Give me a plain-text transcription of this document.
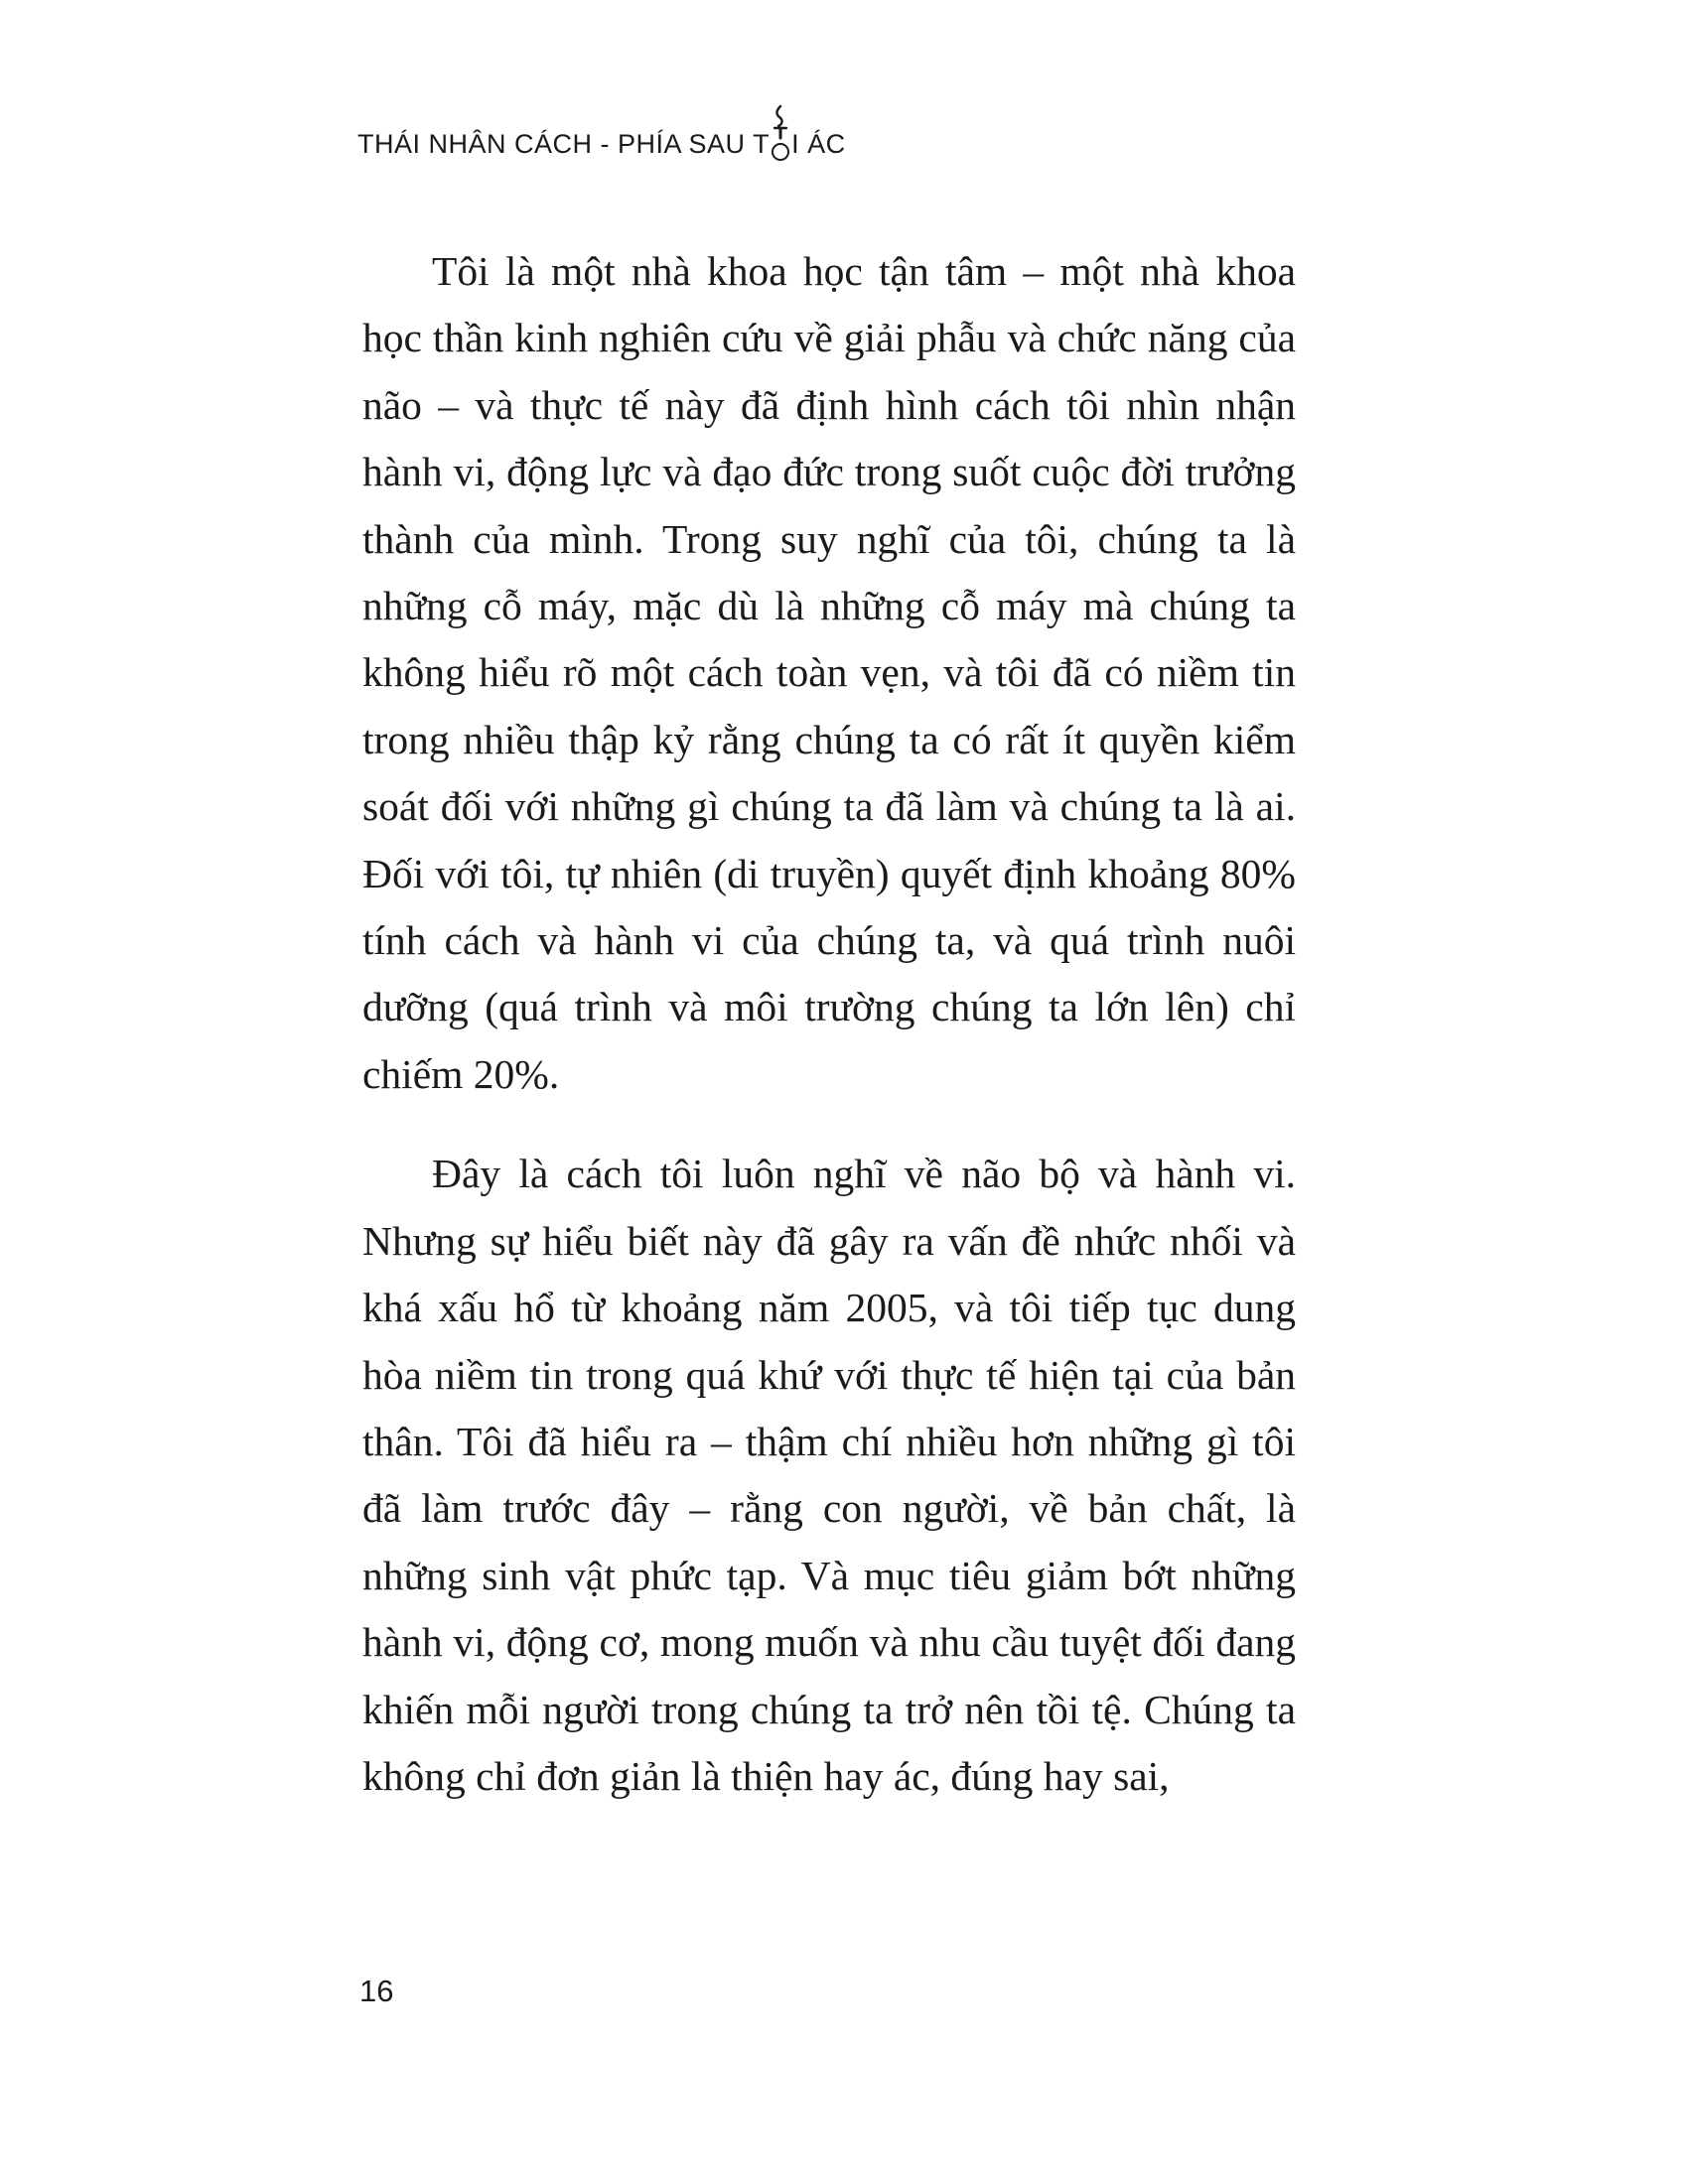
THÁI NHÂN CÁCH - PHÍA SAU T I ÁC

Tôi là một nhà khoa học tận tâm – một nhà khoa học thần kinh nghiên cứu về giải phẫu và chức năng của não – và thực tế này đã định hình cách tôi nhìn nhận hành vi, động lực và đạo đức trong suốt cuộc đời trưởng thành của mình. Trong suy nghĩ của tôi, chúng ta là những cỗ máy, mặc dù là những cỗ máy mà chúng ta không hiểu rõ một cách toàn vẹn, và tôi đã có niềm tin trong nhiều thập kỷ rằng chúng ta có rất ít quyền kiểm soát đối với những gì chúng ta đã làm và chúng ta là ai. Đối với tôi, tự nhiên (di truyền) quyết định khoảng 80% tính cách và hành vi của chúng ta, và quá trình nuôi dưỡng (quá trình và môi trường chúng ta lớn lên) chỉ chiếm 20%.

Đây là cách tôi luôn nghĩ về não bộ và hành vi. Nhưng sự hiểu biết này đã gây ra vấn đề nhức nhối và khá xấu hổ từ khoảng năm 2005, và tôi tiếp tục dung hòa niềm tin trong quá khứ với thực tế hiện tại của bản thân. Tôi đã hiểu ra – thậm chí nhiều hơn những gì tôi đã làm trước đây – rằng con người, về bản chất, là những sinh vật phức tạp. Và mục tiêu giảm bớt những hành vi, động cơ, mong muốn và nhu cầu tuyệt đối đang khiến mỗi người trong chúng ta trở nên tồi tệ. Chúng ta không chỉ đơn giản là thiện hay ác, đúng hay sai,

16
